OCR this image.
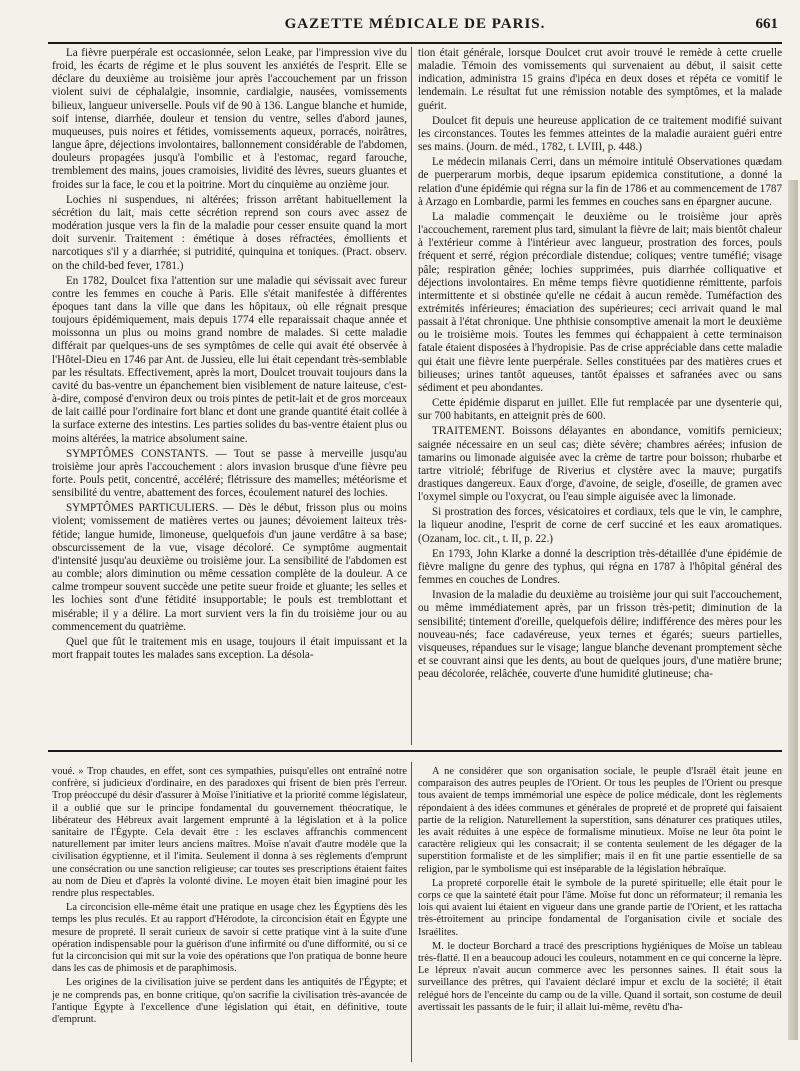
GAZETTE MÉDICALE DE PARIS.	661

La fièvre puerpérale est occasionnée, selon Leake, par l'impression vive du froid, les écarts de régime et le plus souvent les anxiétés de l'esprit. Elle se déclare du deuxième au troisième jour après l'accouchement par un frisson violent suivi de céphalalgie, insomnie, cardialgie, nausées, vomissements bilieux, langueur universelle. Pouls vif de 90 à 136. Langue blanche et humide, soif intense, diarrhée, douleur et tension du ventre, selles d'abord jaunes, muqueuses, puis noires et fétides, vomissements aqueux, porracés, noirâtres, langue âpre, déjections involontaires, ballonnement considérable de l'abdomen, douleurs propagées jusqu'à l'ombilic et à l'estomac, regard farouche, tremblement des mains, joues cramoisies, lividité des lèvres, sueurs gluantes et froides sur la face, le cou et la poitrine. Mort du cinquième au onzième jour.

Lochies ni suspendues, ni altérées; frisson arrêtant habituellement la sécrétion du lait, mais cette sécrétion reprend son cours avec assez de modération jusque vers la fin de la maladie pour cesser ensuite quand la mort doit survenir. Traitement : émétique à doses réfractées, émollients et narcotiques s'il y a diarrhée; si putridité, quinquina et toniques. (Pract. observ. on the child-bed fever, 1781.)

En 1782, Doulcet fixa l'attention sur une maladie qui sévissait avec fureur contre les femmes en couche à Paris. Elle s'était manifestée à différentes époques tant dans la ville que dans les hôpitaux, où elle régnait presque toujours épidémiquement, mais depuis 1774 elle reparaissait chaque année et moissonna un plus ou moins grand nombre de malades. Si cette maladie différait par quelques-uns de ses symptômes de celle qui avait été observée à l'Hôtel-Dieu en 1746 par Ant. de Jussieu, elle lui était cependant très-semblable par les résultats. Effectivement, après la mort, Doulcet trouvait toujours dans la cavité du bas-ventre un épanchement bien visiblement de nature laiteuse, c'est-à-dire, composé d'environ deux ou trois pintes de petit-lait et de gros morceaux de lait caillé pour l'ordinaire fort blanc et dont une grande quantité était collée à la surface externe des intestins. Les parties solides du bas-ventre étaient plus ou moins altérées, la matrice absolument saine.

SYMPTÔMES CONSTANTS. — Tout se passe à merveille jusqu'au troisième jour après l'accouchement : alors invasion brusque d'une fièvre peu forte. Pouls petit, concentré, accéléré; flétrissure des mamelles; météorisme et sensibilité du ventre, abattement des forces, écoulement naturel des lochies.

SYMPTÔMES PARTICULIERS. — Dès le début, frisson plus ou moins violent; vomissement de matières vertes ou jaunes; dévoiement laiteux très-fétide; langue humide, limoneuse, quelquefois d'un jaune verdâtre à sa base; obscurcissement de la vue, visage décoloré. Ce symptôme augmentait d'intensité jusqu'au deuxième ou troisième jour. La sensibilité de l'abdomen est au comble; alors diminution ou même cessation complète de la douleur. A ce calme trompeur souvent succède une petite sueur froide et gluante; les selles et les lochies sont d'une fétidité insupportable; le pouls est tremblottant et misérable; il y a délire. La mort survient vers la fin du troisième jour ou au commencement du quatrième.

Quel que fût le traitement mis en usage, toujours il était impuissant et la mort frappait toutes les malades sans exception. La désola-

tion était générale, lorsque Doulcet crut avoir trouvé le remède à cette cruelle maladie. Témoin des vomissements qui survenaient au début, il saisit cette indication, administra 15 grains d'ipéca en deux doses et répéta ce vomitif le lendemain. Le résultat fut une rémission notable des symptômes, et la malade guérit.

Doulcet fit depuis une heureuse application de ce traitement modifié suivant les circonstances. Toutes les femmes atteintes de la maladie auraient guéri entre ses mains. (Journ. de méd., 1782, t. LVIII, p. 448.)

Le médecin milanais Cerri, dans un mémoire intitulé Observationes quædam de puerperarum morbis, deque ipsarum epidemica constitutione, a donné la relation d'une épidémie qui régna sur la fin de 1786 et au commencement de 1787 à Arzago en Lombardie, parmi les femmes en couches sans en épargner aucune.

La maladie commençait le deuxième ou le troisième jour après l'accouchement, rarement plus tard, simulant la fièvre de lait; mais bientôt chaleur à l'extérieur comme à l'intérieur avec langueur, prostration des forces, pouls fréquent et serré, région précordiale distendue; coliques; ventre tuméfié; visage pâle; respiration gênée; lochies supprimées, puis diarrhée colliquative et déjections involontaires. En même temps fièvre quotidienne rémittente, parfois intermittente et si obstinée qu'elle ne cédait à aucun remède. Tuméfaction des extrémités inférieures; émaciation des supérieures; ceci arrivait quand le mal passait à l'état chronique. Une phthisie consomptive amenait la mort le deuxième ou le troisième mois. Toutes les femmes qui échappaient à cette terminaison fatale étaient disposées à l'hydropisie. Pas de crise appréciable dans cette maladie qui était une fièvre lente puerpérale. Selles constituées par des matières crues et bilieuses; urines tantôt aqueuses, tantôt épaisses et safranées avec ou sans sédiment et peu abondantes.

Cette épidémie disparut en juillet. Elle fut remplacée par une dysenterie qui, sur 700 habitants, en atteignit près de 600.

TRAITEMENT. Boissons délayantes en abondance, vomitifs pernicieux; saignée nécessaire en un seul cas; diète sévère; chambres aérées; infusion de tamarins ou limonade aiguisée avec la crème de tartre pour boisson; rhubarbe et tartre vitriolé; fébrifuge de Riverius et clystère avec la mauve; purgatifs drastiques dangereux. Eaux d'orge, d'avoine, de seigle, d'oseille, de gramen avec l'oxymel simple ou l'oxycrat, ou l'eau simple aiguisée avec la limonade.

Si prostration des forces, vésicatoires et cordiaux, tels que le vin, le camphre, la liqueur anodine, l'esprit de corne de cerf succiné et les eaux aromatiques. (Ozanam, loc. cit., t. II, p. 22.)

En 1793, John Klarke a donné la description très-détaillée d'une épidémie de fièvre maligne du genre des typhus, qui régna en 1787 à l'hôpital général des femmes en couches de Londres.

Invasion de la maladie du deuxième au troisième jour qui suit l'accouchement, ou même immédiatement après, par un frisson très-petit; diminution de la sensibilité; tintement d'oreille, quelquefois délire; indifférence des mères pour les nouveau-nés; face cadavéreuse, yeux ternes et égarés; sueurs partielles, visqueuses, répandues sur le visage; langue blanche devenant promptement sèche et se couvrant ainsi que les dents, au bout de quelques jours, d'une matière brune; peau décolorée, relâchée, couverte d'une humidité glutineuse; cha-

voué. » Trop chaudes, en effet, sont ces sympathies, puisqu'elles ont entraîné notre confrère, si judicieux d'ordinaire, en des paradoxes qui frisent de bien près l'erreur. Trop préoccupé du désir d'assurer à Moïse l'initiative et la priorité comme législateur, il a oublié que sur le principe fondamental du gouvernement théocratique, le libérateur des Hébreux avait largement emprunté à la législation et à la police sanitaire de l'Égypte. Cela devait être : les esclaves affranchis commencent naturellement par imiter leurs anciens maîtres. Moïse n'avait d'autre modèle que la civilisation égyptienne, et il l'imita. Seulement il donna à ses règlements d'emprunt une consécration ou une sanction religieuse; car toutes ses prescriptions étaient faites au nom de Dieu et d'après la volonté divine. Le moyen était bien imaginé pour les rendre plus respectables.

La circoncision elle-même était une pratique en usage chez les Égyptiens dès les temps les plus reculés. Et au rapport d'Hérodote, la circoncision était en Égypte une mesure de propreté. Il serait curieux de savoir si cette pratique vint à la suite d'une opération indispensable pour la guérison d'une infirmité ou d'une difformité, ou si ce fut la circoncision qui mit sur la voie des opérations que l'on pratiqua de bonne heure dans les cas de phimosis et de paraphimosis.

Les origines de la civilisation juive se perdent dans les antiquités de l'Égypte; et je ne comprends pas, en bonne critique, qu'on sacrifie la civilisation très-avancée de l'antique Égypte à l'excellence d'une législation qui était, en définitive, toute d'emprunt.

A ne considérer que son organisation sociale, le peuple d'Israël était jeune en comparaison des autres peuples de l'Orient. Or tous les peuples de l'Orient ou presque tous avaient de temps immémorial une espèce de police médicale, dont les règlements répondaient à des idées communes et générales de propreté et de propreté qui faisaient partie de la religion. Naturellement la superstition, sans dénaturer ces pratiques utiles, les avait réduites à une espèce de formalisme minutieux. Moïse ne leur ôta point le caractère religieux qui les consacrait; il se contenta seulement de les dégager de la superstition formaliste et de les simplifier; mais il en fit une partie essentielle de sa religion, par le symbolisme qui est inséparable de la législation hébraïque.

La propreté corporelle était le symbole de la pureté spirituelle; elle était pour le corps ce que la sainteté était pour l'âme. Moïse fut donc un réformateur; il remania les lois qui avaient lui étaient en vigueur dans une grande partie de l'Orient, et les rattacha très-étroitement au principe fondamental de l'organisation civile et sociale des Israélites.

M. le docteur Borchard a tracé des prescriptions hygiéniques de Moïse un tableau très-flatté. Il en a beaucoup adouci les couleurs, notamment en ce qui concerne la lèpre. Le lépreux n'avait aucun commerce avec les personnes saines. Il était sous la surveillance des prêtres, qui l'avaient déclaré impur et exclu de la société; il était relégué hors de l'enceinte du camp ou de la ville. Quand il sortait, son costume de deuil avertissait les passants de le fuir; il allait lui-même, revêtu d'ha-
